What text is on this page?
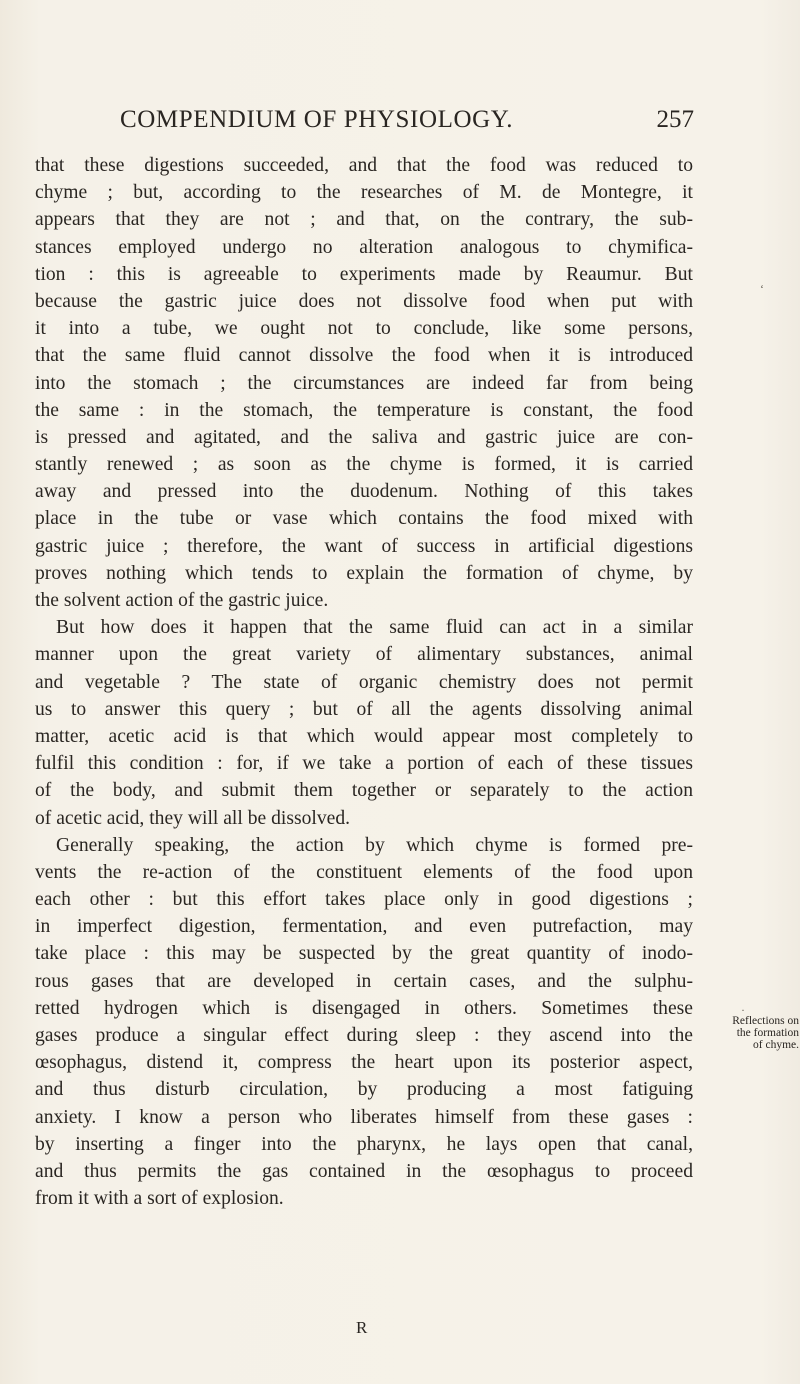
COMPENDIUM OF PHYSIOLOGY.	257
that these digestions succeeded, and that the food was reduced to
chyme ; but, according to the researches of M. de Montegre, it
appears that they are not ; and that, on the contrary, the sub-
stances employed undergo no alteration analogous to chymifica-
tion : this is agreeable to experiments made by Reaumur. But
because the gastric juice does not dissolve food when put with
it into a tube, we ought not to conclude, like some persons,
that the same fluid cannot dissolve the food when it is introduced
into the stomach ; the circumstances are indeed far from being
the same : in the stomach, the temperature is constant, the food
is pressed and agitated, and the saliva and gastric juice are con-
stantly renewed ; as soon as the chyme is formed, it is carried
away and pressed into the duodenum. Nothing of this takes
place in the tube or vase which contains the food mixed with
gastric juice ; therefore, the want of success in artificial digestions
proves nothing which tends to explain the formation of chyme, by
the solvent action of the gastric juice.
But how does it happen that the same fluid can act in a similar
manner upon the great variety of alimentary substances, animal
and vegetable ? The state of organic chemistry does not permit
us to answer this query ; but of all the agents dissolving animal
matter, acetic acid is that which would appear most completely to
fulfil this condition : for, if we take a portion of each of these tissues
of the body, and submit them together or separately to the action
of acetic acid, they will all be dissolved.
Generally speaking, the action by which chyme is formed pre-
vents the re-action of the constituent elements of the food upon
each other : but this effort takes place only in good digestions ;
in imperfect digestion, fermentation, and even putrefaction, may
take place : this may be suspected by the great quantity of inodo-
rous gases that are developed in certain cases, and the sulphu-
retted hydrogen which is disengaged in others. Sometimes these
gases produce a singular effect during sleep : they ascend into the
œsophagus, distend it, compress the heart upon its posterior aspect,
and thus disturb circulation, by producing a most fatiguing
anxiety. I know a person who liberates himself from these gases :
by inserting a finger into the pharynx, he lays open that canal,
and thus permits the gas contained in the œsophagus to proceed
from it with a sort of explosion.
Reflections on
the formation
of chyme.
R
‘
·
